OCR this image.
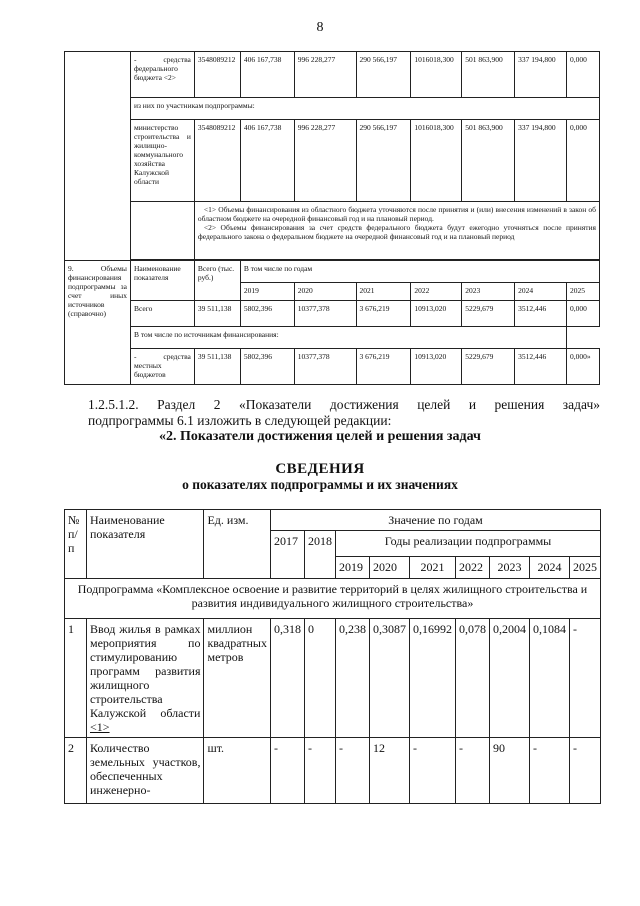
8
	- средства федерального бюджета <2>	3548089212	406 167,738	996 228,277	290 566,197	1016018,300	501 863,900	337 194,800	0,000
	из них по участникам подпрограммы:								
	министерство строительства и жилищно-коммунального хозяйства Калужской области	3548089212	406 167,738	996 228,277	290 566,197	1016018,300	501 863,900	337 194,800	0,000

		<1> Объемы финансирования из областного бюджета уточняются после принятия и (или) внесения изменений в закон об областном бюджете на очередной финансовый год и на плановый период.
<2> Объемы финансирования за счет средств федерального бюджета будут ежегодно уточняться после принятия федерального закона о федеральном бюджете на очередной финансовый год и на плановый период							

9. Объемы финансирования подпрограммы за счет иных источников (справочно)	Наименование показателя	Всего (тыс. руб.)	В том числе по годам						
			2019	2020	2021	2022	2023	2024	2025
	Всего	39 511,138	5802,396	10377,378	3 676,219	10913,020	5229,679	3512,446	0,000
	В том числе по источникам финансирования:								
	- средства местных бюджетов	39 511,138	5802,396	10377,378	3 676,219	10913,020	5229,679	3512,446	0,000»
1.2.5.1.2. Раздел 2 «Показатели достижения целей и решения задач»
подпрограммы 6.1 изложить в следующей редакции:
«2. Показатели достижения целей и решения задач
СВЕДЕНИЯ
о показателях подпрограммы и их значениях
№ п/п	Наименование показателя	Ед. изм.	Значение по годам								
			2017	2018	Годы реализации подпрограммы						
					2019	2020	2021	2022	2023	2024	2025
Подпрограмма «Комплексное освоение и развитие территорий в целях жилищного строительства и развития индивидуального жилищного строительства»											
1	Ввод жилья в рамках мероприятия по стимулированию программ развития жилищного строительства Калужской области <1>	миллион квадратных метров	0,318	0	0,238	0,3087	0,16992	0,078	0,2004	0,1084	-
2	Количество земельных участков, обеспеченных инженерно-	шт.	-	-	-	12	-	-	90	-	-
